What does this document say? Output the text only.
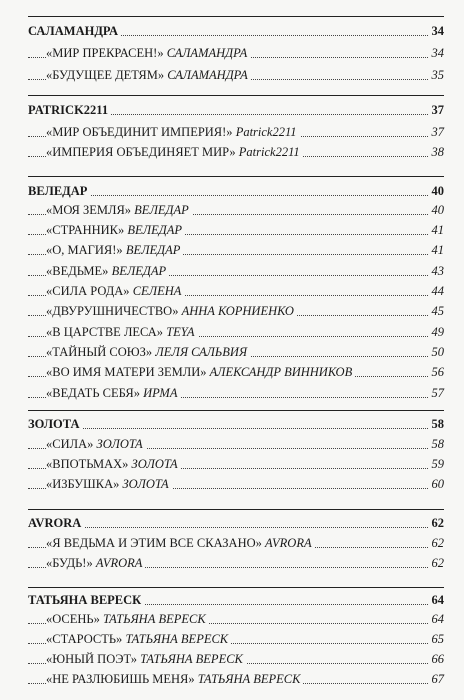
САЛАМАНДРА	34
«МИР ПРЕКРАСЕН!» САЛАМАНДРА	34
«БУДУЩЕЕ ДЕТЯМ» САЛАМАНДРА	35
PATRICK2211	37
«МИР ОБЪЕДИНИТ ИМПЕРИЯ!» Patrick2211	37
«ИМПЕРИЯ ОБЪЕДИНЯЕТ МИР» Patrick2211	38
ВЕЛЕДАР	40
«МОЯ ЗЕМЛЯ» ВЕЛЕДАР	40
«СТРАННИК» ВЕЛЕДАР	41
«О, МАГИЯ!» ВЕЛЕДАР	41
«ВЕДЬМЕ» ВЕЛЕДАР	43
«СИЛА РОДА» СЕЛЕНА	44
«ДВУРУШНИЧЕСТВО» АННА КОРНИЕНКО	45
«В ЦАРСТВЕ ЛЕСА» TEYA	49
«ТАЙНЫЙ СОЮЗ» ЛЕЛЯ САЛЬВИЯ	50
«ВО ИМЯ МАТЕРИ ЗЕМЛИ» АЛЕКСАНДР ВИННИКОВ	56
«ВЕДАТЬ СЕБЯ» ИРМА	57
ЗОЛОТА	58
«СИЛА» ЗОЛОТА	58
«ВПОТЬМАХ» ЗОЛОТА	59
«ИЗБУШКА» ЗОЛОТА	60
AVRORA	62
«Я ВЕДЬМА И ЭТИМ ВСЕ СКАЗАНО» AVRORA	62
«БУДЬ!» AVRORA	62
ТАТЬЯНА ВЕРЕСК	64
«ОСЕНЬ» ТАТЬЯНА ВЕРЕСК	64
«СТАРОСТЬ» ТАТЬЯНА ВЕРЕСК	65
«ЮНЫЙ ПОЭТ» ТАТЬЯНА ВЕРЕСК	66
«НЕ РАЗЛЮБИШЬ МЕНЯ» ТАТЬЯНА ВЕРЕСК	67
